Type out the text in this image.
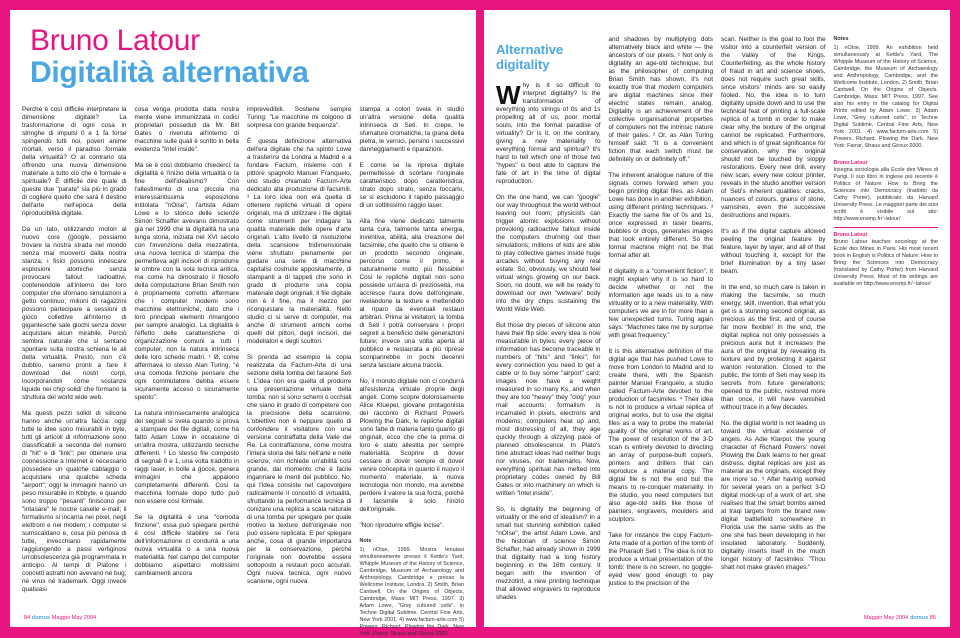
Bruno Latour
Digitalità alternativa

Perché è così difficile interpretare la dimensione digitale? La trasformazione di ogni cosa in stringhe di impulsi 0 e 1 fa forse spingendo tutti noi, poveri anime mortali, verso il paradiso formale della virtualità? O al contrario sta offrendo una nuova dimensione materiale a tutto ciò che è formale e spirituale? È difficile dire quale di queste due "parate" sia più in grado di cogliere quello che sarà il destino dell'arte nell'epoca della riproducibilità digitale.

Da un lato, utilizzando motori al nuovo core (google, possiamo trovare la nostra strada nel mondo senza mai muoverci dalla nostra stanza; i fisici possono innescare esplosioni atomiche senza provocare fallout radioattivi, contenendole all'interno dei loro computer che sfornano simulazioni a getto continuo; milioni di ragazzini possono partecipare a sessioni di gioco collettive all'interno di gigantesche sale giochi senza dover acquistare alcun mirabile. Perciò sembra naturale che si sentano spuntare sulla nostra schiena le ali della virtualità. Presto, non c'è dubbio, saremo pronti a fare il download dei nostri corpi, incorporandoli come sostanze liquide nei chip solidi che formano la struttura del world wide web.

Ma questi pezzi solidi di silicone hanno anche un'altra faccia: oggi tutte le idee sono misurabili in byte, tutti gli articoli di informazione sono classificabili a seconda del numero di "hit" e di "link"; per ottenere una connessione a Internet è necessario possedere un qualche cablaggio o acquistare una qualche scheda "airport"; oggi le immagini hanno un peso misurabile in Kbbyte, e quando sono troppo "pesanti" finiscono per "intasare" le nostre caselle e-mail; il formalismo si incarna nei pixel, negli elettroni e nei modem; i computer si surriscaldano e, cosa più penosa di tutte, invecchiano rapidamente raggiungendo a passi vertiginosi un'obsolescenza già programmata in anticipo. Al tempi di Platone i concetti astratti non avevano né bug, né virus né trademark. Oggi invece qualsiasi

cosa venga prodotta dalla nostra mente viene immunizzata in codici proprietari posseduti da Mr. Bill Gates o rivenuta all'interno di macchine sulle quali è scritto in bella evidenza "Intel inside".

Ma se è così dobbiamo chiederci: la digitalità è l'inizio della virtualità o la fine dell'idealismo? Con l'allestimento di una piccola ma interessantissima esposizione intitolata "nOise", l'artista Adam Lowe e lo storico delle scienze Simon Schaffer avevano dimostrato già nel 1999 che la digitalità ha una lunga storia, iniziata nel XVI secolo con l'invenzione della mezzatinta, una nuova tecnica di stampa che permetteva agli incisori di riprodurre le ombre con la sola tecnica antica, ma come ha dimostrato il filosofo della computazione Brian Smith non è propriamente corretto affermare che i computer moderni sono macchine elettroniche, dato che i loro principali elementi rimangono per sempre analogici. La digitalità è l'effetto delle caratteristiche di organizzazione comuni a tutti i computer, non la natura intrinseca delle loro schede madri. ¹ Ø, come affermava lo stesso Alan Turing, "è una comoda finzione pensare che ogni commutatore debba essere sicuramente acceso o sicuramente spento".

La natura intrinsecamente analogica dei segnali si svela quando si prova a stampare dei file digitali, come ha fatto Adam Lowe in occasione di un'altra mostra, utilizzando tecniche differenti. ² Lo stesso file composto di segnali 0 e 1, una volta tradotto in raggi laser, in bolle a gocce, genera immagini che appaiono completamente differenti. Così la macchina formale dopo tutto può non essere così formale.

Se la digitalità è una "comoda finzione", essa può spiegare perché è così difficile stabilire se l'era dell'informazione ci condurrà a una nuova virtualità o a una nuova materialità. Nel campo del computer dobbiamo aspettarci moltissimi cambiamenti ancora

imprevedibili. Sostiene sempre Turing: "Le macchine mi colgono di sorpresa con grande frequenza".

È questa definizione alternativa dell'era digitale che ha spinto Lowe a trasferirsi da Londra a Madrid e a fondare Factum, insieme con il pittore spagnolo Manuel Franquelo, uno studio chiamato Factum-Arte dedicato alla produzione di facsimili. ³ La loro idea non era quella di ottenere repliche virtuali di opere originali, ma di utilizzare i file digitali come strumenti per indagare la qualità materiale delle opere d'arte originali. L'alto livello di risoluzione della scansione tridimensionale viene sfruttato pienamente per guidare una serie di macchine capitalisi costruite appositamente, di stampanti a di tappeti che sono in grado di produrre una copia materiale degli originali. Il file digitale non è il fine, ma il mezzo per riconquistare la materialità. Nello studio ci si serve di computer, ma anche di strumenti antichi come quelli del pittori, degli incisori, dei modellatori e degli scultori.

Si prenda ad esempio la copia realizzata da Factum-Arte di una sezione della tomba del faraone Seti I. L'idea non era quella di produrre una presentazione virtuale della tomba: non si sono schemi o occhiali che siano in grado di competere con la precisione della scansione. L'obiettivo non è neppure quello di confondere il visitatore con una versione contraffatta della Valle dei Re. La contraffazione, come mostra l'intera storia dei falsi nell'arte e nelle scienze, non richiede un'abilità così grande, dal momento che è facile ingannare le menti del pubblico. No, qui l'idea consiste nel capovolgere radicalmente il concetto di virtualità, sfruttando la performance tecnica di conizare una replica a scala naturale di una tomba per spiegare per quale motivo la texture dell'originale non può essere replicata. E per spiegare anche, cosa di grande importanza per la conservazione, perché l'originale non dovrebbe essere sottoposto a restauri poco accurati. Ogni nuova tecnica, ogni nuovo scanione, ogni nuova

stampa a colori svela in studio un'altra versione della qualità intrinseca di Seti. In crepe, le sfumature cromatiche, la grana della pietra, le vernici, persino i successivi danneggiamenti e riparazioni.

E come se la ripresa digitale permettesse di scortare l'originale caratteristico dopo caratteristica, strato dopo strato, senza toccarlo, se si escludono il rapido passaggio di un sottilissimo raggio laser.

Alla fine viene dedicato talmente tanta cura, talmente tanta energia, inventiva, abilità, alla creazione del facsimile, che quello che si ottiene è un prodotto secondo originale, percorso come il primo, e naturalmente molto più flessibile! Così le repliche digitali non sono possiede un'aura di prezioseità, ma accresce l'aura dove dell'originale, rivelandone la texture e mettendolo al riparo da eventuali restauri arbitrari. Prima ai visitatori, la tomba di Seti I potrà conservare i propri segreti a beneficio delle generazioni future; invece una volta aperta al pubblico e restaurata a più riprese sconparirebbe in pochi decenni senza lasciare alcuna traccia.

No, il mondo digitale non ci condurrà all'esistenza virtuale proprie degli angeli. Come scopre dolorosamente Alice Kluepel, giovane protagonista del racconto di Richard Powers Plowing the Dark, le repliche digitali sono fatte di materia tanto quanto gli originali, ecco che che la prima di loro è stato allestita per sempre materialità. Scoprire di dover cessare di dover sempre di dover venire concepita in quanto il nuovo il momento materiale, la nuova tecnologia non mondo, ma avrebbe perdere il valore la sua forza, poiché il facsimile è solo l'inizio dell'originale.

"Non riprodurre effigie incise".

Note
1) nOIse, 1999. Mostra tenutasi simultaneamente presso il Kettle's Yard, Whipple Museum of the History of Science, Cambridge, Museum of Archaeology and Anthropology, Cambridge e presso la Wellcome Institute, Londra. 2) Smith, Brian Cantwell, On the Origins of Objects, Cambridge, Mass: MIT Press, 1997. 3) Adam Lowe, "Grey cultured cells", in Techne Digital Sublime. Central Fine Arts, New York 2001. 4) www.factum-arte.com 5) Powers, Richard, Plowing the Dark, New York, Farrar, Straus and Giroux 2000.
84 domus Maggio May 2004
Alternative digitality

Why is it so difficult to interpret digitality? Is the transformation of everything into strings of 0s and 1s propelling all of us, poor mortal souls, into the formal paradise of virtuality? Or is it, on the contrary, giving a new materiality to everything formal and spiritual? It's hard to tell which one of those two "hypes" is best able to capture the fate of art in the time of digital reproduction.

On the one hand, we can "google" our way throughout the world without leaving our room; physicists can trigger atomic explosions without provoking radioactive fallout inside the computers churning out their simulations; millions of kids are able to play collective games inside huge arcades without buying any real estate. So, obviously, we should feel virtual wings growing on our back. Soon, no doubt, we will be ready to download our own "wetware" body into the dry chips sustaining the World Wide Web.

But those dry pieces of silicone also have their flip side: every idea is now measurable in bytes; every piece of information has become traceable in numbers of "hits" and "links"; for every connection you need to get a cable or to buy some "airport" card; images now have a weight measured in so many Ks, and when they are too "heavy" they "clog" your mail accounts; formalism is incarnated in pixels, electrons and modems; computers heat up and, most distressing of all, they age quickly through a dizzying pace of planned obsolescence. In Plato's time abstract ideas had neither bugs nor viruses, nor trademarks. Now, everything spiritual has melted into proprietary codes owned by Bill Gates or into machinery on which is written "Intel inside".

So, is digitality the beginning of virtuality or the end of idealism? In a small but stunning exhibition called "nOIse", the artist Adam Lowe, and the historian of science Simon Schaffer, had already shown in 1999 that digitality had a long history beginning in the 16th century. It began with the invention of mezzotint, a new printing technique that allowed engravers to reproduce shades

and shadows by multiplying dots alternatively black and white — the ancestors of our pixels. ¹ Not only is digitality an age-old technique, but as the philosopher of computing Brian Smith has shown, it's not exactly true that modern computers are digital machines since their electric states remain analog. Digitality is an achievement of the collective organisational properties of computers not the intrinsic nature of their gates. ² Or, as Alan Turing himself said: "It is a convenient fiction that each switch must be definitely on or definitely off."

The inherent analogue nature of the signals comes forward when you begin printing digital files, as Adam Lowe has done in another exhibition, using different printing techniques. ³ Exactly the same file of 0s and 1s, once expressed in laser beams, bubbles or drops, generates images that look entirely different. So the formal machine might not be that formal after all.

If digitality is a "convenient fiction", it might explain why it is so hard to decide whether or not the information age leads us to a new virtuality or to a new materiality. With computers we are in for more than a few unexpected turns. Turing again says: "Machines take me by surprise with great frequency."

It is this alternative definition of the digital age that has pushed Lowe to move from London to Madrid and to create there, with the Spanish painter Manuel Franquelo, a studio called Factum-Arte devoted to the production of facsimiles. ⁴ Their idea is not to produce a virtual replica of original works, but to use the digital files as a way to probe the material quality of the original works of art. The power of resolution of the 3-D scan is entirely devoted to directing an array of purpose-built copiers, printers and drillers that can reproduce a material copy. The digital file is not the end but the means to re-conquer materiality. In the studio, you need computers but also age-old skills like those of painters, engravers, moulders and sculptors.

Take for instance the copy Factum-Arte made of a portion of the tomb of the Pharaoh Seti I. The idea is not to produce a virtual presentation of the tomb: there is no screen, no goggle-eyed view good enough to pay justice to the precision of the

scan. Neither is the goal to fool the visitor into a counterfeit version of the Valley of the Kings. Counterfeiting, as the whole history of fraud in art and science shows, does not require such great skills, since visitors' minds are so easily fooled. No, the idea is to turn digitality upside down and to use the technical feat of printing a full-scale replica of a tomb in order to make clear why the texture of the original cannot be replicated. Furthermore, and which is of great significance for conservation, why the original should not be touched by sloppy restorations. Every new drill, every new scan, every new colour printer, reveals in the studio another version of Seti's inherent qualities: cracks, nuances of colours, grains of stone, varnishes, even the successive destructions and repairs.

It's as if the digital capture allowed peeling the original feature by feature, layer by layer, and all of that without touching it, except for the brief illumination by a tiny laser beam.

In the end, so much care is taken in making the facsimile, so much energy, skill, invention, that what you get is a stunning second original, as precious as the first, and of course far more flexible! In the end, the digital replica not only possesses a precious aura but it increases the aura of the original by revealing its texture and by protecting it against wanton restoration. Closed to the public, the tomb of Seti may keep its secrets from future generations; opened to the public, restored more than once, it will have vanished without trace in a few decades.

No, the digital world is not leading us toward the virtual existence of angels. As Adie Klarpol, the young character of Richard Powers' novel Plowing the Dark learns to her great distress, digital replicas are just as material as the originals, except they are more so. ⁵ After having worked for several years on a perfect 3-D digital mock-up of a work of art, she realises that the smart bombs aimed at Iraqi targets from the brand new digital battlefield somewhere in Florida use the same skills as the one she has been developing in her insulated laboratory. Suddenly, digitality inserts itself in the much longer history of facsimiles: "Thou shalt not make graven images."

Notes
1) nOIse, 1999. An exhibition held simultaneously at Kettle's Yard, The Whipple Museum of the History of Science, Cambridge, the Museum of Archaeology and Anthropology, Cambridge, and the Wellcome Institute, London. 2) Smith, Brian Cantwell. On the Origins of Objects. Cambridge, Mass: MIT Press, 1997. See also his entry in the catalog for Digital Prints edited by Adam Lowe. 3) Adam Lowe, "Grey cultured cells", in Techne Digital Sublime, Central Fine Arts, New York 2001. 4) www.factum-arte.com 5) Powers, Richard. Plowing the Dark. New York: Farrar, Straus and Giroux 2000.
Bruno Latour
Insegna sociologia alla Ecole des Mines di Parigi. Il suo libro in inglese più recente è Politics of Nature: How to Bring the Sciences into Democracy (tradotto da Cathy Porter), pubblicato da Harvard University Press. Le maggiori parte dei suoi scritti è visibile sul sito: http://www.ensmp.fr/~latour/
Bruno Latour
Bruno Latour teaches sociology at the Ecole des Mines in Paris. His most recent book in English is Politics of Nature: How to Bring the Sciences into Democracy (translated by Cathy Porter) from Harvard University Press. Most of his writings are available on http://www.ensmp.fr/~latour/
Maggio May 2004 domus 85
